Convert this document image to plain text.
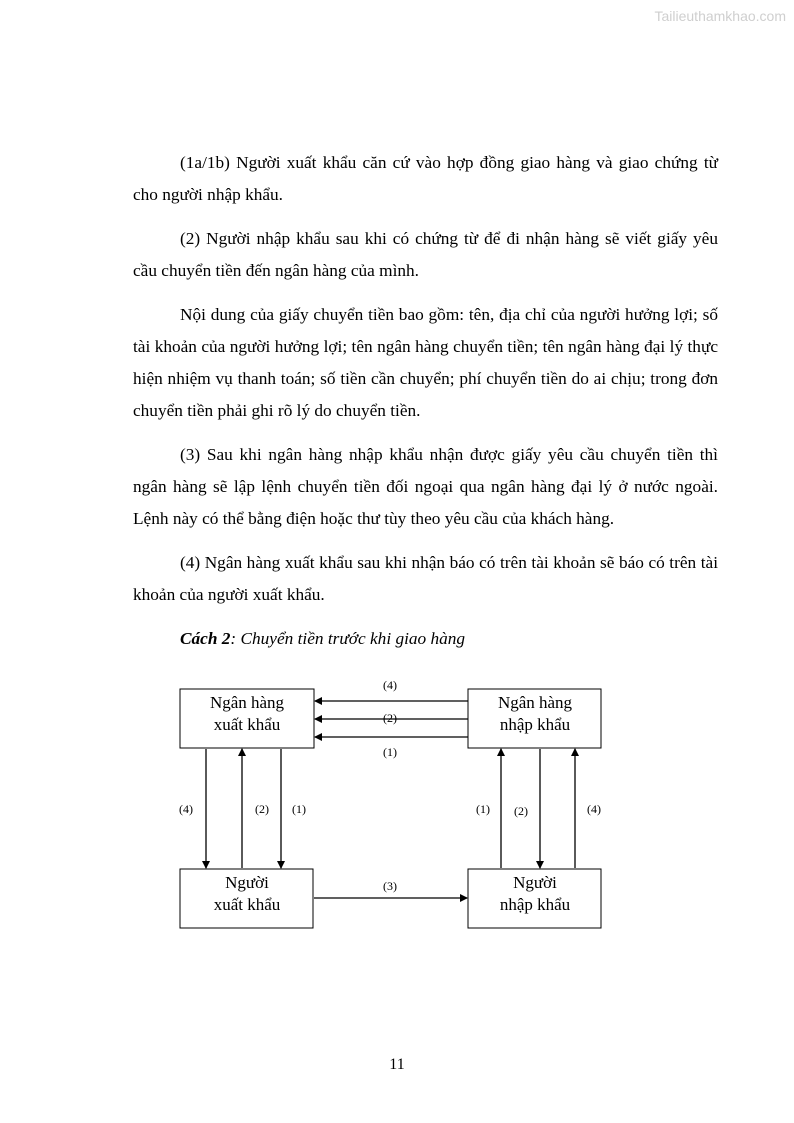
Tailieuthamkhao.com

(1a/1b) Người xuất khẩu căn cứ vào hợp đồng giao hàng và giao chứng từ cho người nhập khẩu.

(2) Người nhập khẩu sau khi có chứng từ để đi nhận hàng sẽ viết giấy yêu cầu chuyển tiền đến ngân hàng của mình.

Nội dung của giấy chuyển tiền bao gồm: tên, địa chỉ của người hưởng lợi; số tài khoản của người hưởng lợi; tên ngân hàng chuyển tiền; tên ngân hàng đại lý thực hiện nhiệm vụ thanh toán; số tiền cần chuyển; phí chuyển tiền do ai chịu; trong đơn chuyển tiền phải ghi rõ lý do chuyển tiền.

(3) Sau khi ngân hàng nhập khẩu nhận được giấy yêu cầu chuyển tiền thì ngân hàng sẽ lập lệnh chuyển tiền đối ngoại qua ngân hàng đại lý ở nước ngoài. Lệnh này có thể bằng điện hoặc thư tùy theo yêu cầu của khách hàng.

(4) Ngân hàng xuất khẩu sau khi nhận báo có trên tài khoản sẽ báo có trên tài khoản của người xuất khẩu.

Cách 2: Chuyển tiền trước khi giao hàng

Ngân hàng
xuất khẩu
Ngân hàng
nhập khẩu
Người
xuất khẩu
Người
nhập khẩu
(4)
(2)
(1)
(4)	(2) (1)	(1) (2)	(4)
(3)
11
